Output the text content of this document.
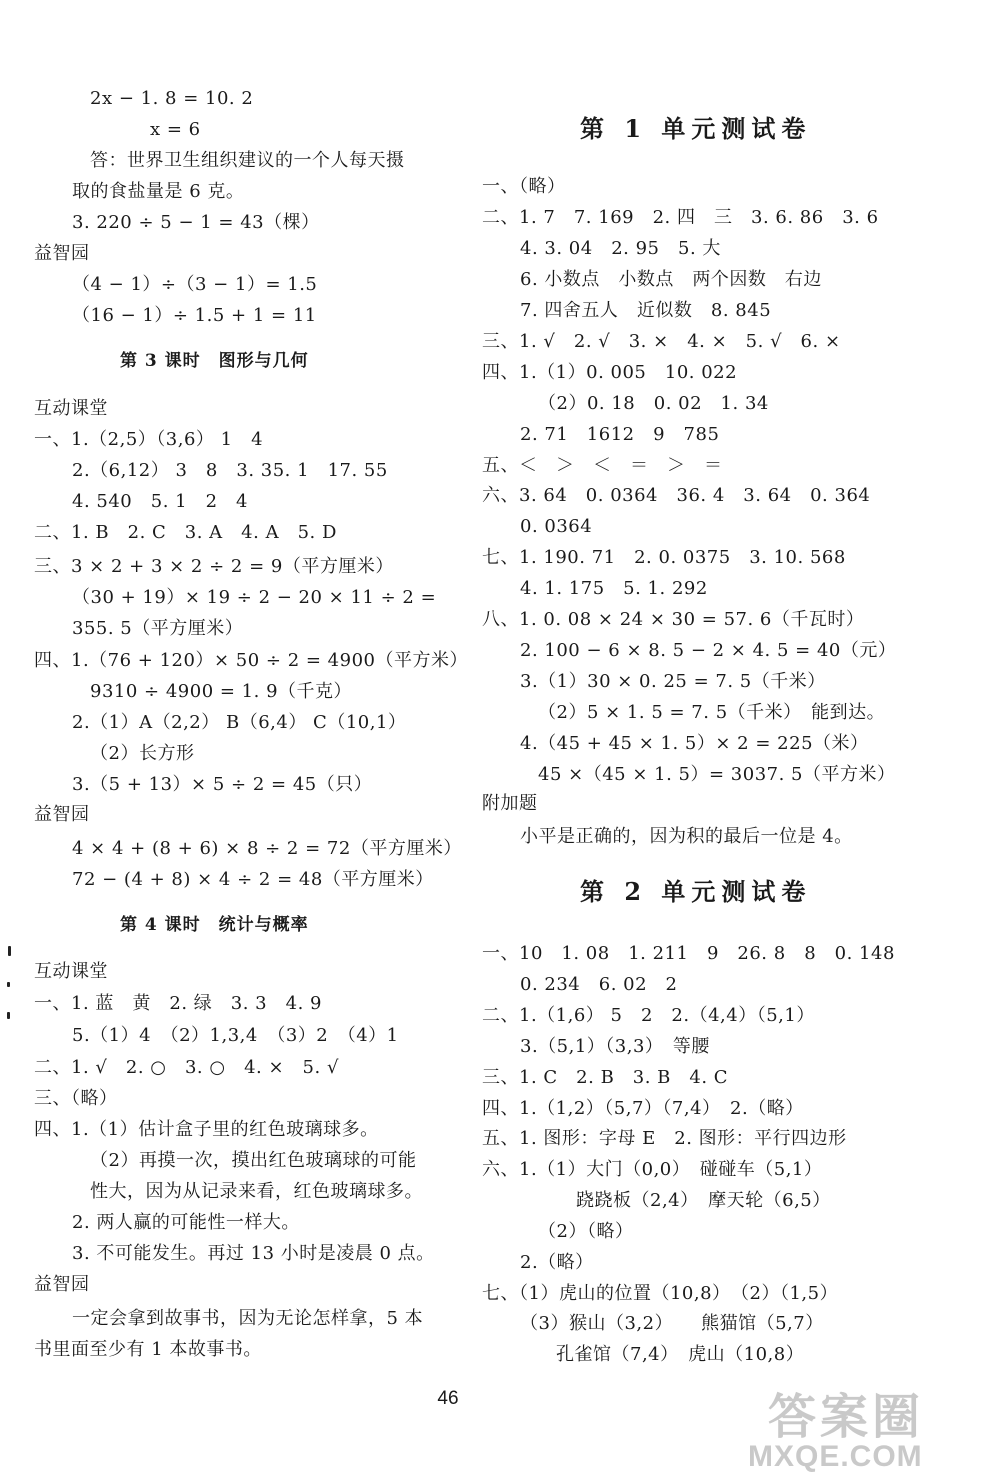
2x − 1. 8 = 10. 2
x = 6
答：世界卫生组织建议的一个人每天摄
取的食盐量是 6 克。
3. 220 ÷ 5 − 1 = 43（棵）
益智园
（4 − 1）÷（3 − 1）= 1.5
（16 − 1）÷ 1.5 + 1 = 11
第 3 课时　图形与几何
互动课堂
一、1.（2,5）（3,6） 1　4
2.（6,12） 3　8　3. 35. 1　17. 55
4. 540　5. 1　2　4
二、1. B　2. C　3. A　4. A　5. D
三、3 × 2 + 3 × 2 ÷ 2 = 9（平方厘米）
（30 + 19）× 19 ÷ 2 − 20 × 11 ÷ 2 =
355. 5（平方厘米）
四、1.（76 + 120）× 50 ÷ 2 = 4900（平方米）
9310 ÷ 4900 = 1. 9（千克）
2.（1）A（2,2） B（6,4） C（10,1）
（2）长方形
3.（5 + 13）× 5 ÷ 2 = 45（只）
益智园
4 × 4 + (8 + 6) × 8 ÷ 2 = 72（平方厘米）
72 − (4 + 8) × 4 ÷ 2 = 48（平方厘米）
第 4 课时　统计与概率
互动课堂
一、1. 蓝　黄　2. 绿　3. 3　4. 9
5.（1）4　（2）1,3,4　（3）2　（4）1
二、1. √　2. ○　3. ○　4. ×　5. √
三、（略）
四、1.（1）估计盒子里的红色玻璃球多。
（2）再摸一次，摸出红色玻璃球的可能
性大，因为从记录来看，红色玻璃球多。
2. 两人赢的可能性一样大。
3. 不可能发生。再过 13 小时是凌晨 0 点。
益智园
一定会拿到故事书，因为无论怎样拿，5 本
书里面至少有 1 本故事书。
第 1 单元测试卷
一、（略）
二、1. 7　7. 169　2. 四　三　3. 6. 86　3. 6
4. 3. 04　2. 95　5. 大
6. 小数点　小数点　两个因数　右边
7. 四舍五人　近似数　8. 845
三、1. √　2. √　3. ×　4. ×　5. √　6. ×
四、1.（1）0. 005　10. 022
（2）0. 18　0. 02　1. 34
2. 71　1612　9　785
五、＜　＞　＜　＝　＞　＝
六、3. 64　0. 0364　36. 4　3. 64　0. 364
0. 0364
七、1. 190. 71　2. 0. 0375　3. 10. 568
4. 1. 175　5. 1. 292
八、1. 0. 08 × 24 × 30 = 57. 6（千瓦时）
2. 100 − 6 × 8. 5 − 2 × 4. 5 = 40（元）
3.（1）30 × 0. 25 = 7. 5（千米）
（2）5 × 1. 5 = 7. 5（千米）　能到达。
4.（45 + 45 × 1. 5）× 2 = 225（米）
45 ×（45 × 1. 5）= 3037. 5（平方米）
附加题
小平是正确的，因为积的最后一位是 4。
第 2 单元测试卷
一、10　1. 08　1. 211　9　26. 8　8　0. 148
0. 234　6. 02　2
二、1.（1,6） 5　2　2.（4,4）（5,1）
3.（5,1）（3,3）　等腰
三、1. C　2. B　3. B　4. C
四、1.（1,2）（5,7）（7,4）　2.（略）
五、1. 图形：字母 E　2. 图形：平行四边形
六、1.（1）大门（0,0）　碰碰车（5,1）
跷跷板（2,4）　摩天轮（6,5）
（2）（略）
2.（略）
七、（1）虎山的位置（10,8）　（2）（1,5）
（3）猴山（3,2）　　熊猫馆（5,7）
孔雀馆（7,4）　虎山（10,8）
46

	答案圈

MXQE.COM
